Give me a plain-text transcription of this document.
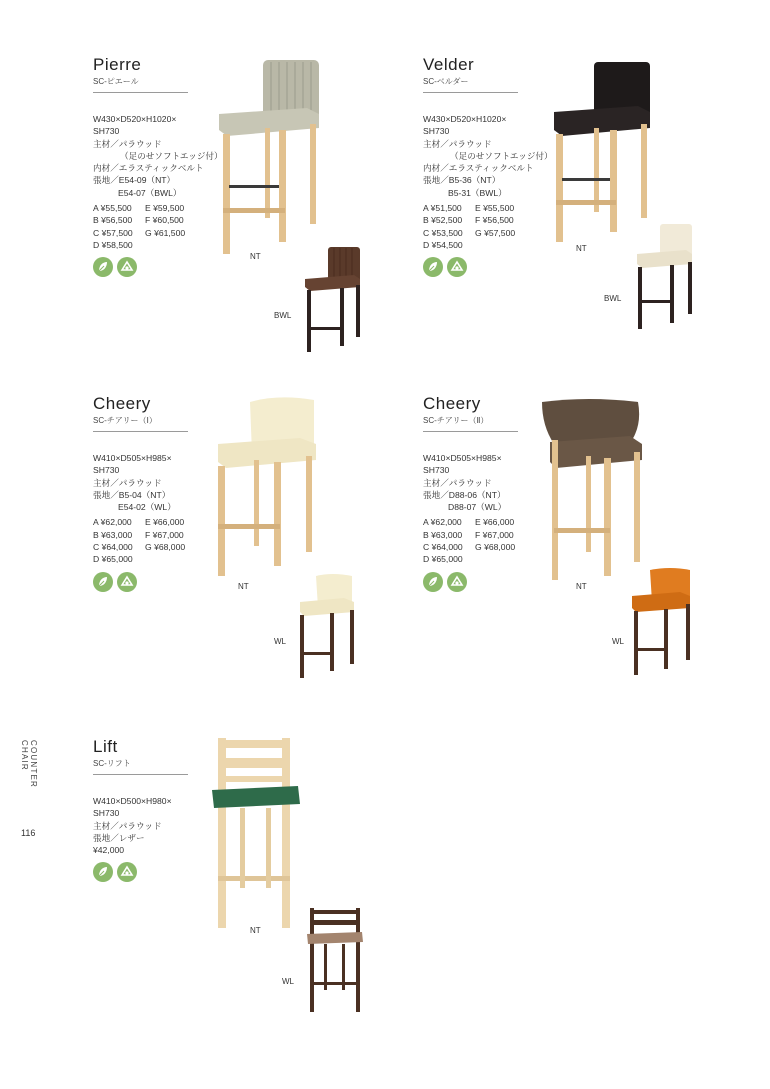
COUNTER CHAIR
116
Pierre
SC-ピエール
W430×D520×H1020×
SH730
主材／パラウッド
（足のせソフトエッジ付）
内材／エラスティックベルト
張地／E54-09（NT）
E54-07（BWL）
A ¥55,500 E ¥59,500
B ¥56,500 F ¥60,500
C ¥57,500 G ¥61,500
D ¥58,500
NT
BWL
Velder
SC-ベルダー
W430×D520×H1020×
SH730
主材／パラウッド
（足のせソフトエッジ付）
内材／エラスティックベルト
張地／B5-36（NT）
B5-31（BWL）
A ¥51,500 E ¥55,500
B ¥52,500 F ¥56,500
C ¥53,500 G ¥57,500
D ¥54,500	NT
BWL
Cheery
SC-チアリー（Ⅰ）
W410×D505×H985×
SH730
主材／パラウッド
張地／B5-04（NT）
E54-02（WL）
A ¥62,000 E ¥66,000
B ¥63,000 F ¥67,000
C ¥64,000 G ¥68,000
D ¥65,000
NT
WL
Cheery
SC-チアリー（Ⅱ）
W410×D505×H985×
SH730
主材／パラウッド
張地／D88-06（NT）
D88-07（WL）
A ¥62,000 E ¥66,000
B ¥63,000 F ¥67,000
C ¥64,000 G ¥68,000
D ¥65,000
NT
WL
Lift
SC-リフト
W410×D500×H980×
SH730
主材／パラウッド
張地／レザー
¥42,000
NT
WL
